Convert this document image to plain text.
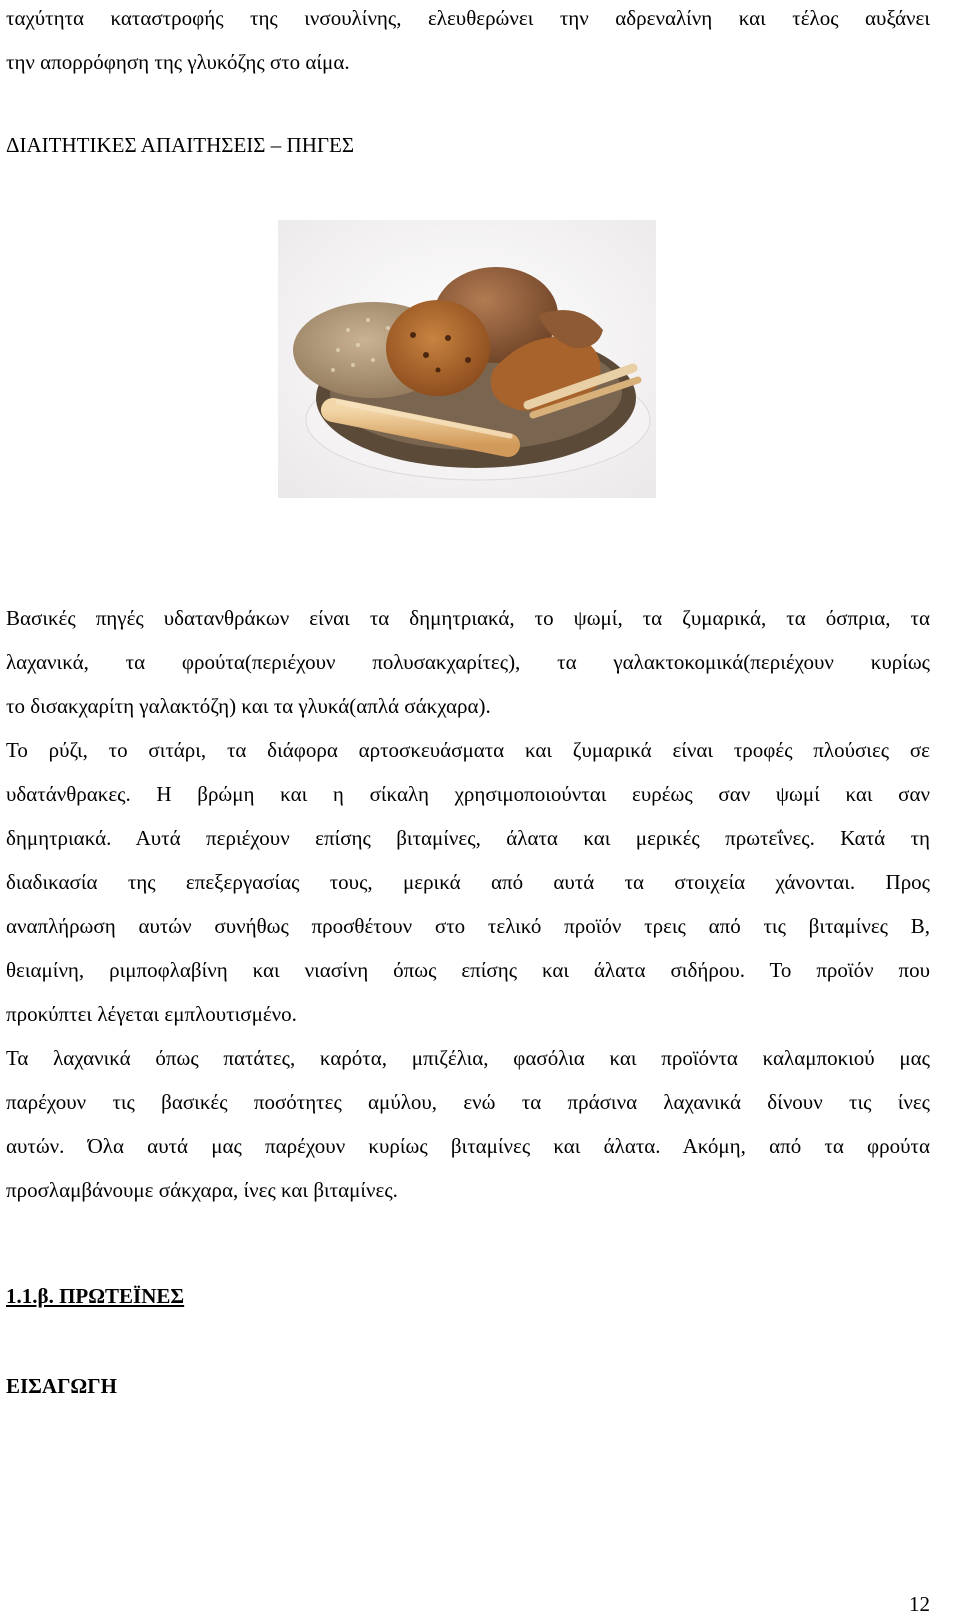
ταχύτητα καταστροφής της ινσουλίνης, ελευθερώνει την αδρεναλίνη και τέλος αυξάνει
την απορρόφηση της γλυκόζης στο αίμα.
ΔΙΑΙΤΗΤΙΚΕΣ ΑΠΑΙΤΗΣΕΙΣ – ΠΗΓΕΣ
Βασικές πηγές υδατανθράκων είναι τα δημητριακά, το ψωμί, τα ζυμαρικά, τα όσπρια, τα
λαχανικά, τα φρούτα(περιέχουν πολυσακχαρίτες), τα γαλακτοκομικά(περιέχουν κυρίως
το δισακχαρίτη γαλακτόζη) και τα γλυκά(απλά σάκχαρα).
Το ρύζι, το σιτάρι, τα διάφορα αρτοσκευάσματα και ζυμαρικά είναι τροφές πλούσιες σε
υδατάνθρακες. Η βρώμη και η σίκαλη χρησιμοποιούνται ευρέως σαν ψωμί και σαν
δημητριακά. Αυτά περιέχουν επίσης βιταμίνες, άλατα και μερικές πρωτεΐνες. Κατά τη
διαδικασία της επεξεργασίας τους, μερικά από αυτά τα στοιχεία χάνονται. Προς
αναπλήρωση αυτών συνήθως προσθέτουν στο τελικό προϊόν τρεις από τις βιταμίνες Β,
θειαμίνη, ριμποφλαβίνη και νιασίνη όπως επίσης και άλατα σιδήρου. Το προϊόν που
προκύπτει λέγεται εμπλουτισμένο.
Τα λαχανικά όπως πατάτες, καρότα, μπιζέλια, φασόλια και προϊόντα καλαμποκιού μας
παρέχουν τις βασικές ποσότητες αμύλου, ενώ τα πράσινα λαχανικά δίνουν τις ίνες
αυτών. Όλα αυτά μας παρέχουν κυρίως βιταμίνες και άλατα. Ακόμη, από τα φρούτα
προσλαμβάνουμε σάκχαρα, ίνες και βιταμίνες.
1.1.β. ΠΡΩΤΕΪΝΕΣ
ΕΙΣΑΓΩΓΗ
12
